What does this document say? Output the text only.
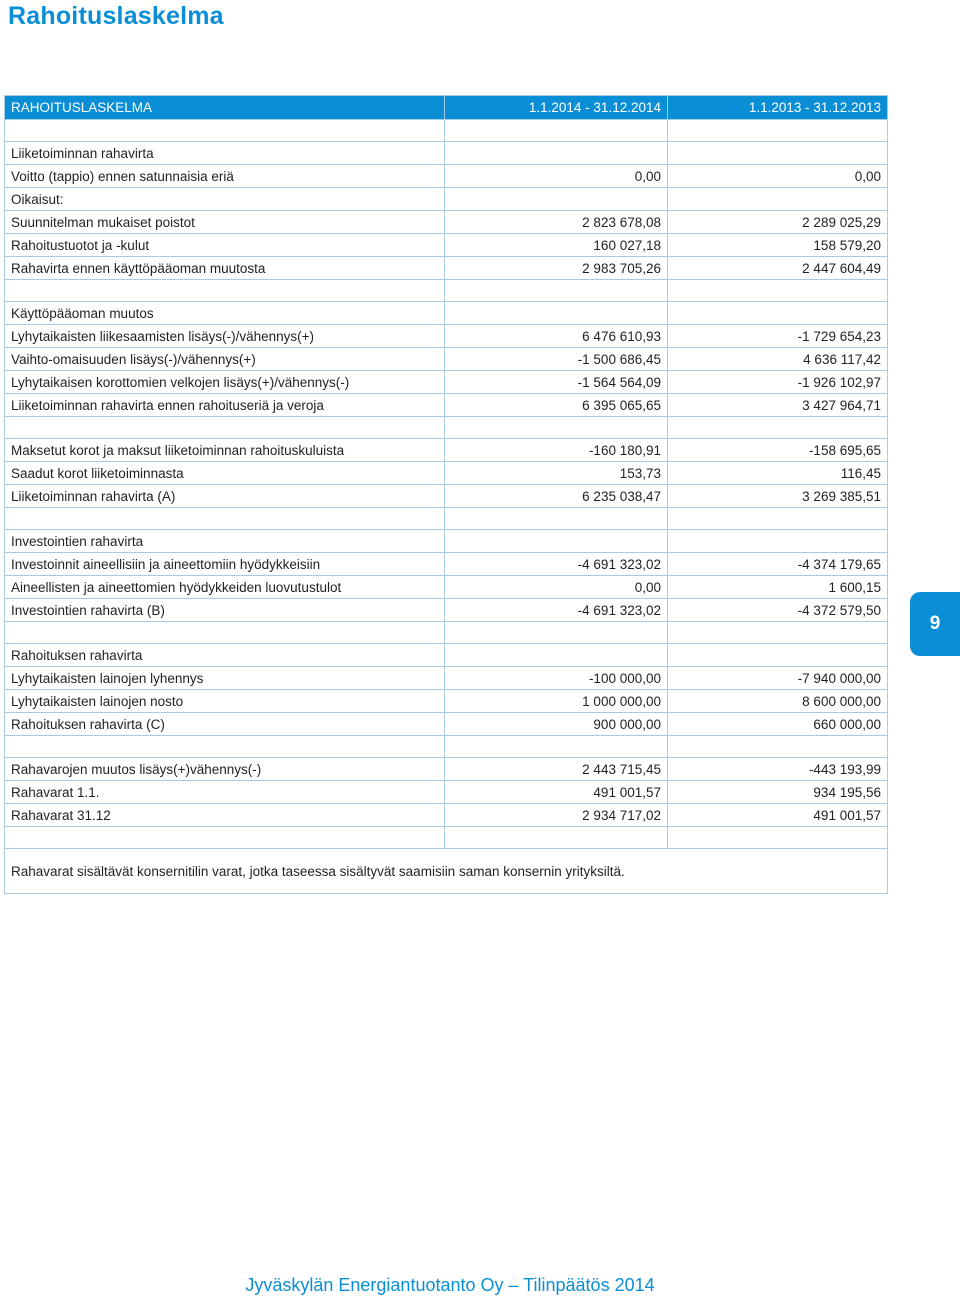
Rahoituslaskelma
RAHOITUSLASKELMA	1.1.2014 - 31.12.2014	1.1.2013 - 31.12.2013

Liiketoiminnan rahavirta		
Voitto (tappio) ennen satunnaisia eriä	0,00	0,00
Oikaisut:		
Suunnitelman mukaiset poistot	2 823 678,08	2 289 025,29
Rahoitustuotot ja -kulut	160 027,18	158 579,20
Rahavirta ennen käyttöpääoman muutosta	2 983 705,26	2 447 604,49

Käyttöpääoman muutos		
Lyhytaikaisten liikesaamisten lisäys(-)/vähennys(+)	6 476 610,93	-1 729 654,23
Vaihto-omaisuuden lisäys(-)/vähennys(+)	-1 500 686,45	4 636 117,42
Lyhytaikaisen korottomien velkojen lisäys(+)/vähennys(-)	-1 564 564,09	-1 926 102,97
Liiketoiminnan rahavirta ennen rahoituseriä ja veroja	6 395 065,65	3 427 964,71

Maksetut korot ja maksut liiketoiminnan rahoituskuluista	-160 180,91	-158 695,65
Saadut korot liiketoiminnasta	153,73	116,45
Liiketoiminnan rahavirta (A)	6 235 038,47	3 269 385,51

Investointien rahavirta		
Investoinnit aineellisiin ja aineettomiin hyödykkeisiin	-4 691 323,02	-4 374 179,65
Aineellisten ja aineettomien hyödykkeiden luovutustulot	0,00	1 600,15
Investointien rahavirta (B)	-4 691 323,02	-4 372 579,50

Rahoituksen rahavirta		
Lyhytaikaisten lainojen lyhennys	-100 000,00	-7 940 000,00
Lyhytaikaisten lainojen nosto	1 000 000,00	8 600 000,00
Rahoituksen rahavirta (C)	900 000,00	660 000,00

Rahavarojen muutos lisäys(+)vähennys(-)	2 443 715,45	-443 193,99
Rahavarat 1.1.	491 001,57	934 195,56
Rahavarat 31.12	2 934 717,02	491 001,57

Rahavarat sisältävät konsernitilin varat, jotka taseessa sisältyvät saamisiin saman konsernin yrityksiltä.		
9
Jyväskylän Energiantuotanto Oy – Tilinpäätös 2014
